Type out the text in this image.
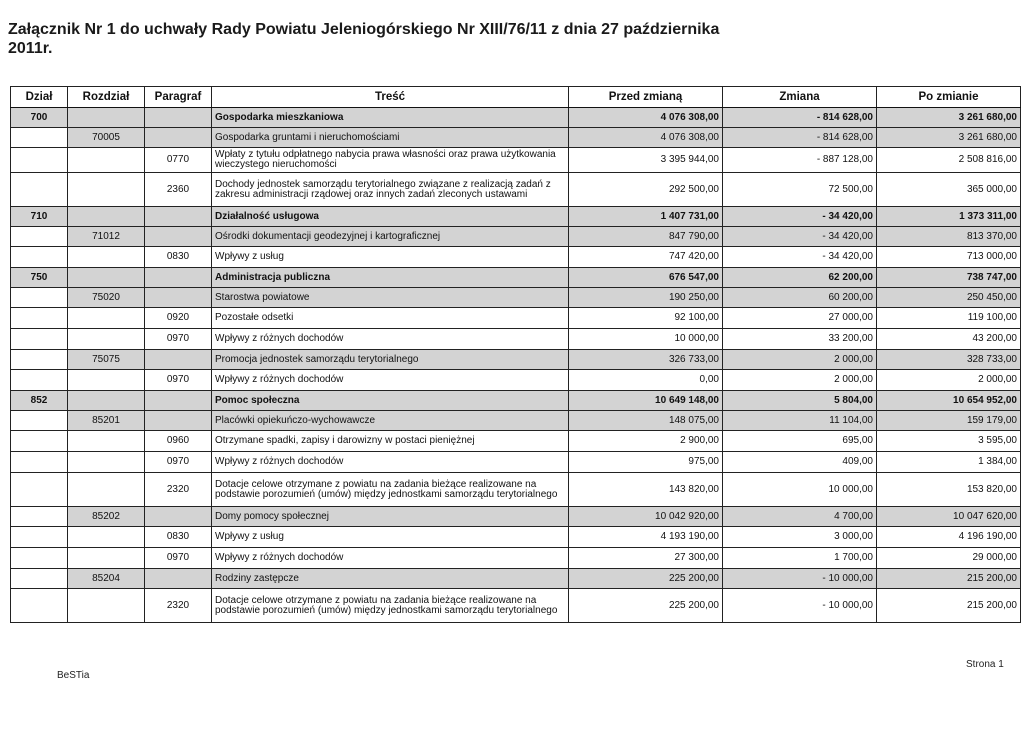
Załącznik Nr 1 do uchwały Rady Powiatu Jeleniogórskiego Nr XIII/76/11 z dnia 27 października 2011r.
Dział	Rozdział	Paragraf	Treść	Przed zmianą	Zmiana	Po zmianie
700			Gospodarka mieszkaniowa	4 076 308,00	- 814 628,00	3 261 680,00
	70005		Gospodarka gruntami i nieruchomościami	4 076 308,00	- 814 628,00	3 261 680,00
		0770	Wpłaty z tytułu odpłatnego nabycia prawa własności oraz prawa użytkowania wieczystego nieruchomości	3 395 944,00	- 887 128,00	2 508 816,00
		2360	Dochody jednostek samorządu terytorialnego związane z realizacją zadań z zakresu administracji rządowej oraz innych zadań zleconych ustawami	292 500,00	72 500,00	365 000,00
710			Działalność usługowa	1 407 731,00	- 34 420,00	1 373 311,00
	71012		Ośrodki dokumentacji geodezyjnej i kartograficznej	847 790,00	- 34 420,00	813 370,00
		0830	Wpływy z usług	747 420,00	- 34 420,00	713 000,00
750			Administracja publiczna	676 547,00	62 200,00	738 747,00
	75020		Starostwa powiatowe	190 250,00	60 200,00	250 450,00
		0920	Pozostałe odsetki	92 100,00	27 000,00	119 100,00
		0970	Wpływy z różnych dochodów	10 000,00	33 200,00	43 200,00
	75075		Promocja jednostek samorządu terytorialnego	326 733,00	2 000,00	328 733,00
		0970	Wpływy z różnych dochodów	0,00	2 000,00	2 000,00
852			Pomoc społeczna	10 649 148,00	5 804,00	10 654 952,00
	85201		Placówki opiekuńczo-wychowawcze	148 075,00	11 104,00	159 179,00
		0960	Otrzymane spadki, zapisy i darowizny w postaci pieniężnej	2 900,00	695,00	3 595,00
		0970	Wpływy z różnych dochodów	975,00	409,00	1 384,00
		2320	Dotacje celowe otrzymane z powiatu na zadania bieżące realizowane na podstawie porozumień (umów) między jednostkami samorządu terytorialnego	143 820,00	10 000,00	153 820,00
	85202		Domy pomocy społecznej	10 042 920,00	4 700,00	10 047 620,00
		0830	Wpływy z usług	4 193 190,00	3 000,00	4 196 190,00
		0970	Wpływy z różnych dochodów	27 300,00	1 700,00	29 000,00
	85204		Rodziny zastępcze	225 200,00	- 10 000,00	215 200,00
		2320	Dotacje celowe otrzymane z powiatu na zadania bieżące realizowane na podstawie porozumień (umów) między jednostkami samorządu terytorialnego	225 200,00	- 10 000,00	215 200,00
BeSTia
Strona 1
